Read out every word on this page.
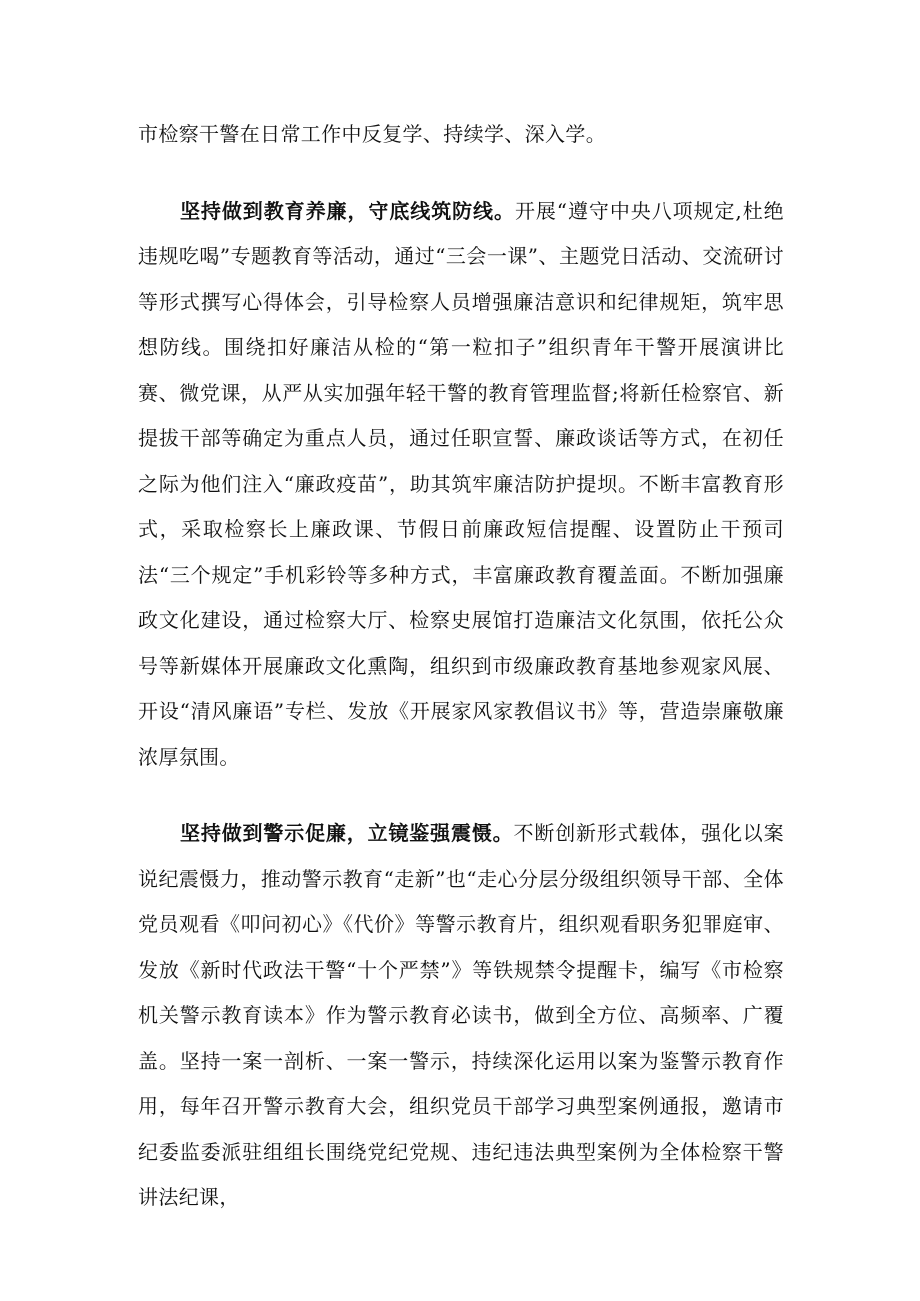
市检察干警在日常工作中反复学、持续学、深入学。

坚持做到教育养廉，守底线筑防线。开展“遵守中央八项规定,杜绝违规吃喝”专题教育等活动，通过“三会一课”、主题党日活动、交流研讨等形式撰写心得体会，引导检察人员增强廉洁意识和纪律规矩，筑牢思想防线。围绕扣好廉洁从检的“第一粒扣子”组织青年干警开展演讲比赛、微党课，从严从实加强年轻干警的教育管理监督;将新任检察官、新提拔干部等确定为重点人员，通过任职宣誓、廉政谈话等方式，在初任之际为他们注入“廉政疫苗”，助其筑牢廉洁防护提坝。不断丰富教育形式，采取检察长上廉政课、节假日前廉政短信提醒、设置防止干预司法“三个规定”手机彩铃等多种方式，丰富廉政教育覆盖面。不断加强廉政文化建设，通过检察大厅、检察史展馆打造廉洁文化氛围，依托公众号等新媒体开展廉政文化熏陶，组织到市级廉政教育基地参观家风展、开设“清风廉语”专栏、发放《开展家风家教倡议书》等，营造崇廉敬廉浓厚氛围。

坚持做到警示促廉，立镜鉴强震慑。不断创新形式载体，强化以案说纪震慑力，推动警示教育“走新”也“走心分层分级组织领导干部、全体党员观看《叩问初心》《代价》等警示教育片，组织观看职务犯罪庭审、发放《新时代政法干警“十个严禁”》等铁规禁令提醒卡，编写《市检察机关警示教育读本》作为警示教育必读书，做到全方位、高频率、广覆盖。坚持一案一剖析、一案一警示，持续深化运用以案为鉴警示教育作用，每年召开警示教育大会，组织党员干部学习典型案例通报，邀请市纪委监委派驻组组长围绕党纪党规、违纪违法典型案例为全体检察干警讲法纪课，
